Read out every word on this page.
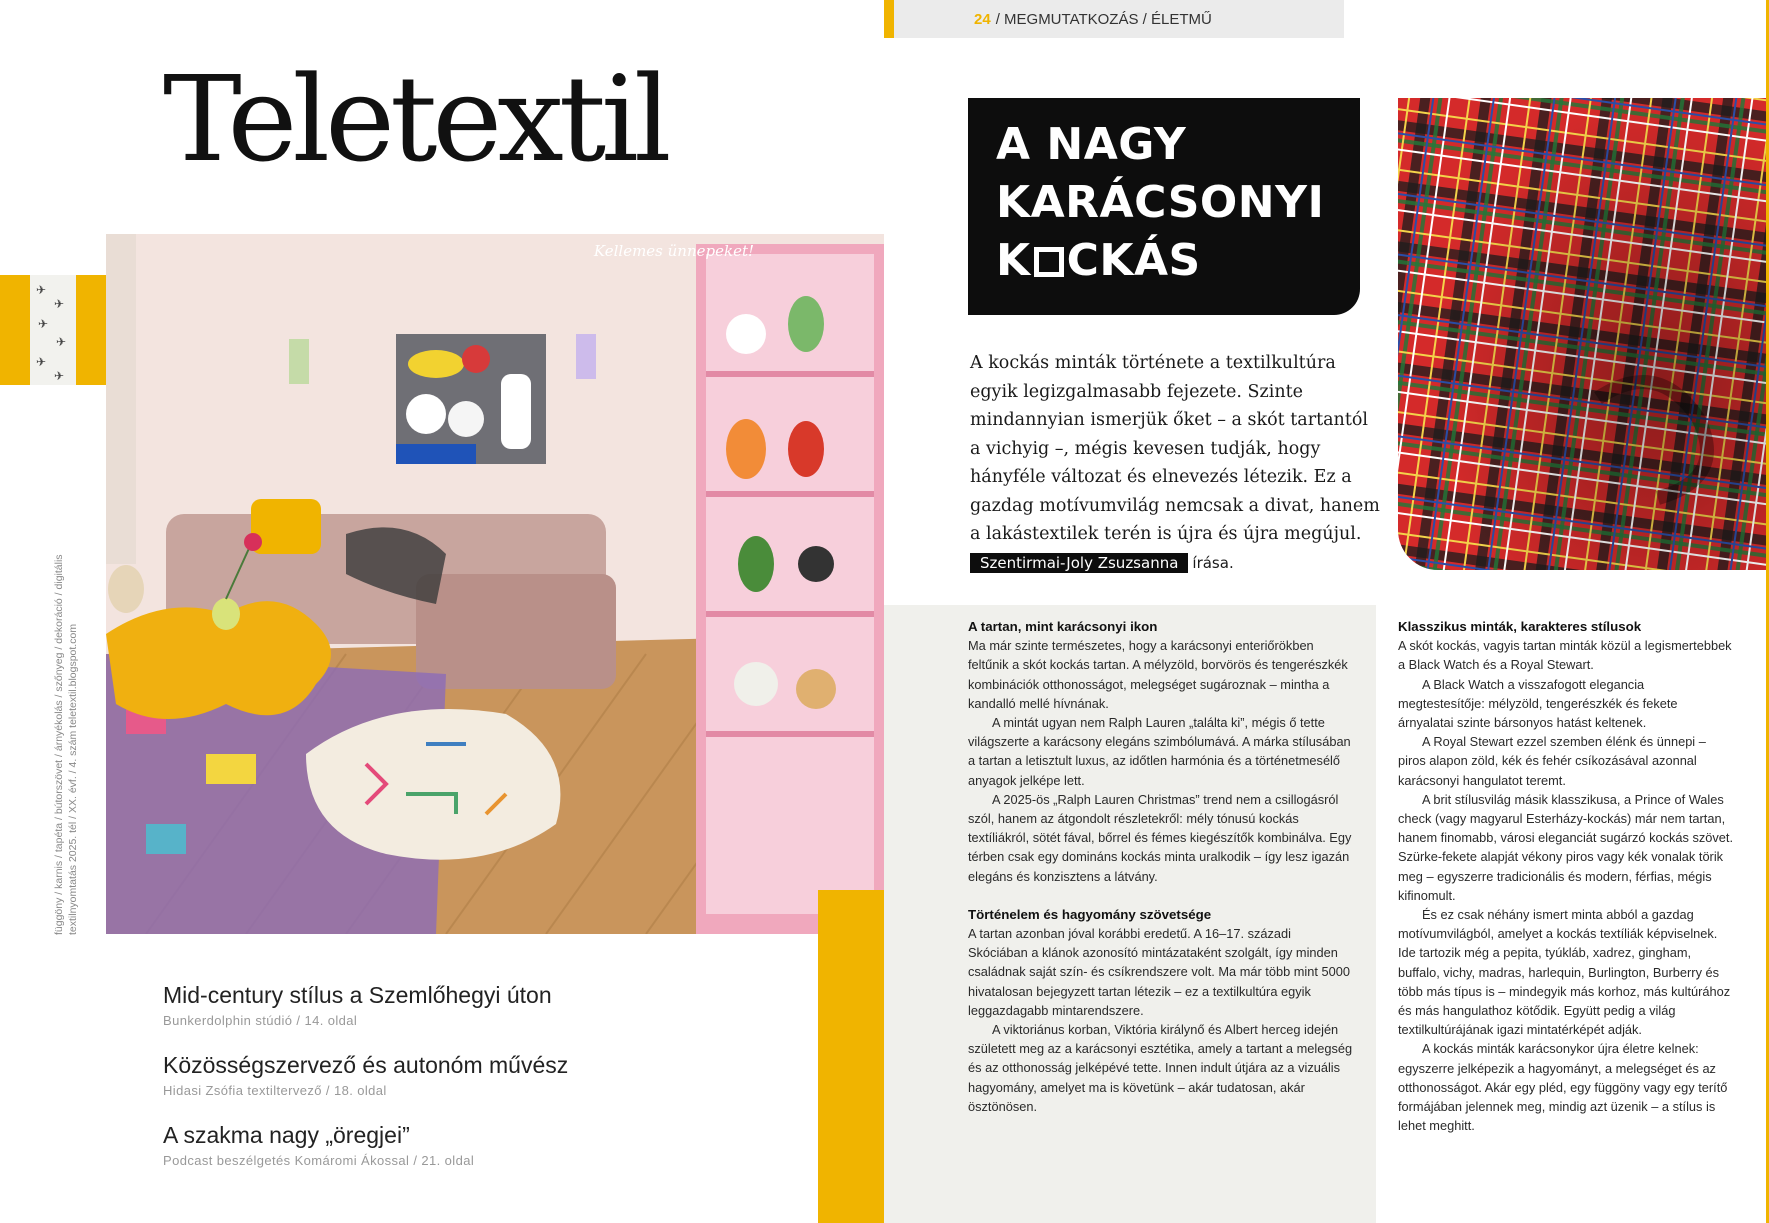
Teletextil
✈
✈
✈
✈
✈
✈
Kellemes ünnepeket!
függöny / karnis / tapéta / bútorszövet / árnyékolás / szőnyeg / dekoráció / digitális textilnyomtatás 2025. tél / XX. évf. / 4. szám teletextil.blogspot.com
Mid-century stílus a Szemlőhegyi úton
Bunkerdolphin stúdió / 14. oldal
Közösségszervező és autonóm művész
Hidasi Zsófia textiltervező / 18. oldal
A szakma nagy „öregjei”
Podcast beszélgetés Komáromi Ákossal / 21. oldal
24 / MEGMUTATKOZÁS / ÉLETMŰ
A NAGY
KARÁCSONYI
K CKÁS
A kockás minták története a textilkultúra egyik legizgalmasabb fejezete. Szinte mindannyian ismerjük őket – a skót tartantól a vichyig –, mégis kevesen tudják, hogy hányféle változat és elnevezés létezik. Ez a gazdag motívumvilág nemcsak a divat, hanem a lakástextilek terén is újra és újra megújul.
Szentirmai-Joly Zsuzsanna írása.
A tartan, mint karácsonyi ikon

Ma már szinte természetes, hogy a karácsonyi enteriőrökben feltűnik a skót kockás tartan. A mélyzöld, borvörös és tengerészkék kombinációk otthonosságot, melegséget sugároznak – mintha a kandalló mellé hívnának.

A mintát ugyan nem Ralph Lauren „találta ki”, mégis ő tette világszerte a karácsony elegáns szimbólumává. A márka stílusában a tartan a letisztult luxus, az időtlen harmónia és a történetmesélő anyagok jelképe lett.

A 2025-ös „Ralph Lauren Christmas” trend nem a csillogásról szól, hanem az átgondolt részletekről: mély tónusú kockás textíliákról, sötét fával, bőrrel és fémes kiegészítők kombinálva. Egy térben csak egy domináns kockás minta uralkodik – így lesz igazán elegáns és konzisztens a látvány.

Történelem és hagyomány szövetsége

A tartan azonban jóval korábbi eredetű. A 16–17. századi Skóciában a klánok azonosító mintázataként szolgált, így minden családnak saját szín- és csíkrendszere volt. Ma már több mint 5000 hivatalosan bejegyzett tartan létezik – ez a textilkultúra egyik leggazdagabb mintarendszere.

A viktoriánus korban, Viktória királynő és Albert herceg idején született meg az a karácsonyi esztétika, amely a tartant a melegség és az otthonosság jelképévé tette. Innen indult útjára az a vizuális hagyomány, amelyet ma is követünk – akár tudatosan, akár ösztönösen.

Klasszikus minták, karakteres stílusok

A skót kockás, vagyis tartan minták közül a legismertebbek a Black Watch és a Royal Stewart.

A Black Watch a visszafogott elegancia megtestesítője: mélyzöld, tengerészkék és fekete árnyalatai szinte bársonyos hatást keltenek.

A Royal Stewart ezzel szemben élénk és ünnepi – piros alapon zöld, kék és fehér csíkozásával azonnal karácsonyi hangulatot teremt.

A brit stílusvilág másik klasszikusa, a Prince of Wales check (vagy magyarul Esterházy-kockás) már nem tartan, hanem finomabb, városi eleganciát sugárzó kockás szövet. Szürke-fekete alapját vékony piros vagy kék vonalak törik meg – egyszerre tradicionális és modern, férfias, mégis kifinomult.

És ez csak néhány ismert minta abból a gazdag motívumvilágból, amelyet a kockás textíliák képviselnek. Ide tartozik még a pepita, tyúkláb, xadrez, gingham, buffalo, vichy, madras, harlequin, Burlington, Burberry és több más típus is – mindegyik más korhoz, más kultúrához és más hangulathoz kötődik. Együtt pedig a világ textilkultúrájának igazi mintatérképét adják.

A kockás minták karácsonykor újra életre kelnek: egyszerre jelképezik a hagyományt, a melegséget és az otthonosságot. Akár egy pléd, egy függöny vagy egy terítő formájában jelennek meg, mindig azt üzenik – a stílus is lehet meghitt.
